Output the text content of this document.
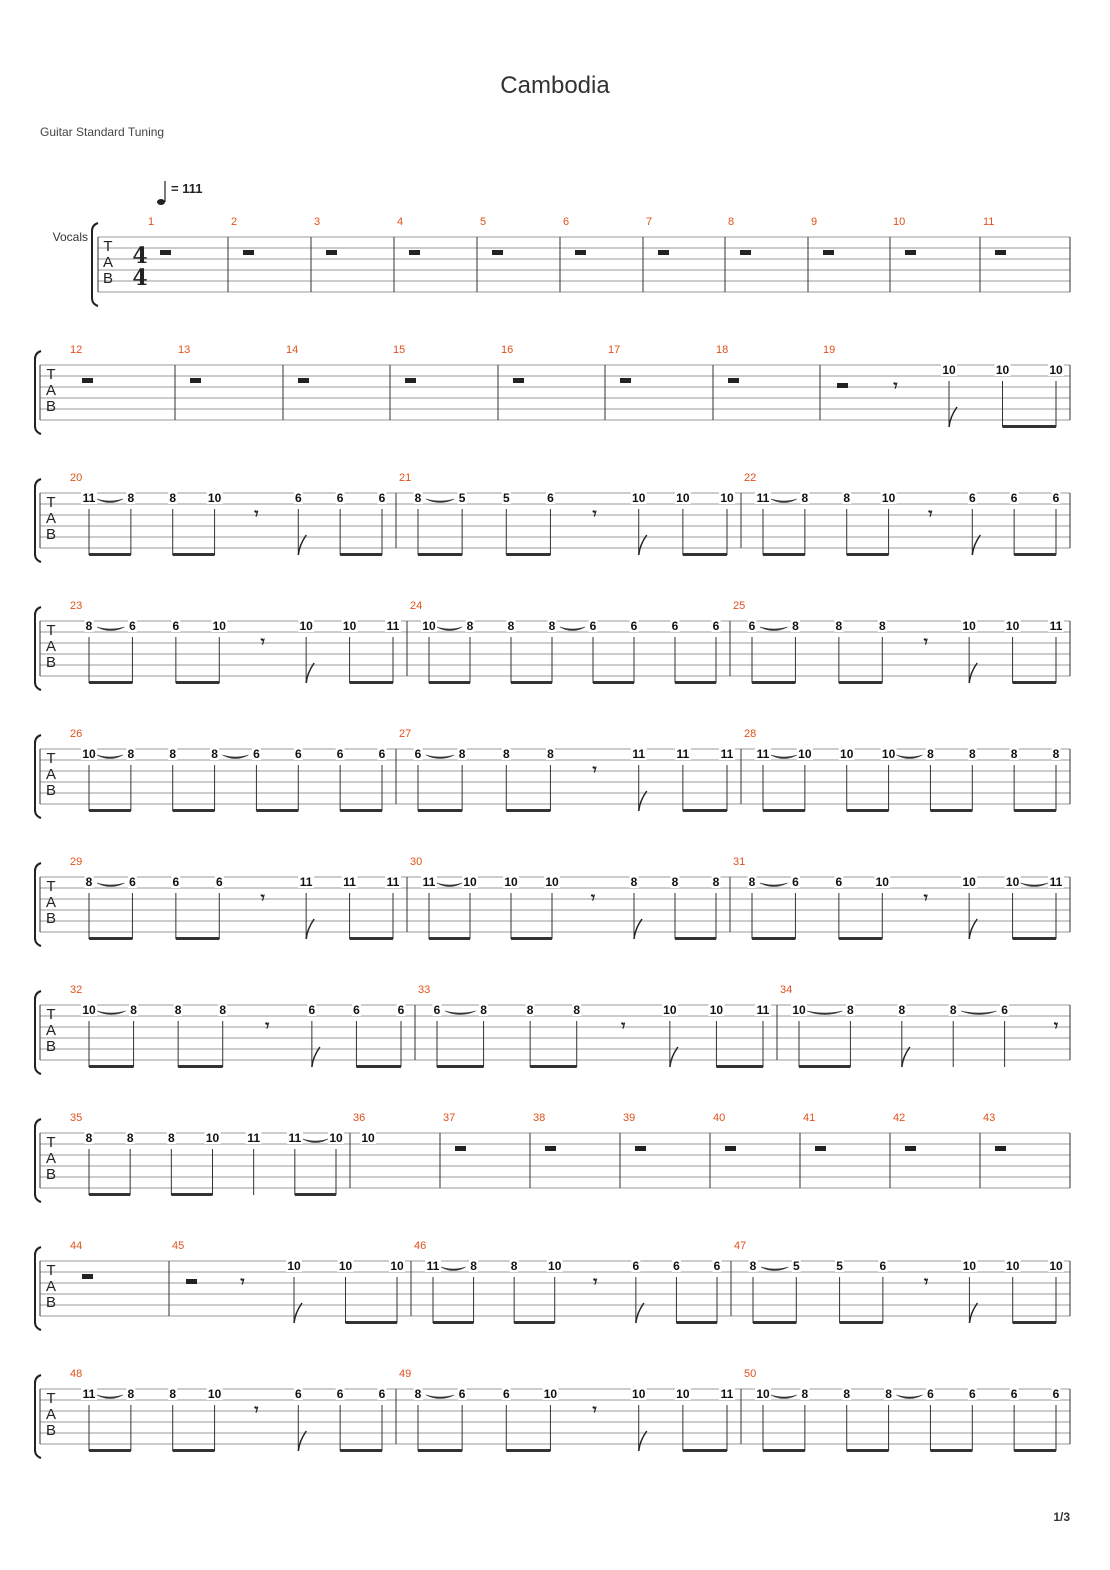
Cambodia
Guitar Standard Tuning
1/3
= 111
T
A
B
4
4
Vocals
1	2	3	4	5	6	7	8	9	10	11
T
A
B
12	13	14	15	16	17	18	19
𝄾
10	10	10
T
A
B
20
11	8	8	10
𝄾
6	6	6
21
8	5	5	6
𝄾
10	10	10
22
11	8	8	10
𝄾
6	6	6
T
A
B
23
8	6	6	10
𝄾
10	10	11
24
10	8	8	8	6	6	6	6
25
6	8	8	8
𝄾
10	10	11
T
A
B
26
10	8	8	8	6	6	6	6
27
6	8	8	8
𝄾
11	11	11
28
11 10 10 10	8	8	8	8
T
A
B
29
8	6	6	6
𝄾
11	11	11
30
11 10 10 10
𝄾
8	8	8
31
8	6	6	10
𝄾
10	10	11
T
A
B
32
10	8	8	8
𝄾
6	6	6
33
6	8	8	8
𝄾
10	10	11
34
10	8	8	8	6
𝄾
T
A
B
35
8	8	8	10 11 11 10
36
10
37	38	39	40	41	42	43
T
A
B
44	45
𝄾
10	10	10
46
11	8	8	10
𝄾
6	6	6
47
8	5	5	6
𝄾
10 10 10
T
A
B
48
11	8	8	10
𝄾
6	6	6
49
8	6	6	10
𝄾
10	10	11
50
10	8	8	8	6	6	6	6
